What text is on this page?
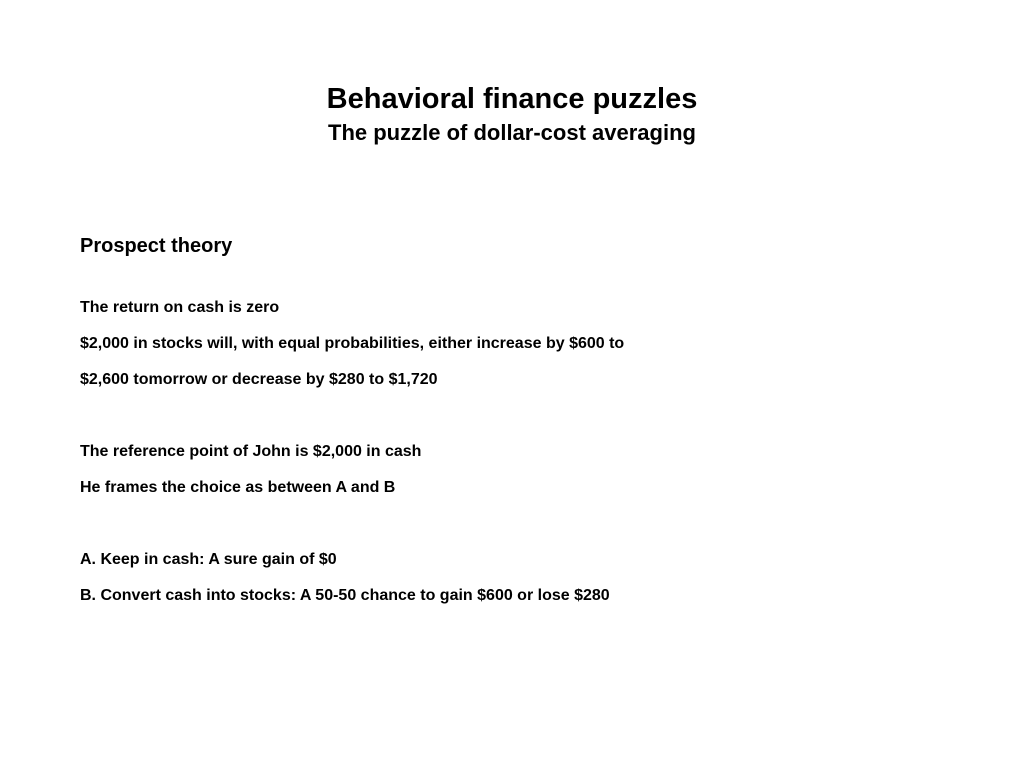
Behavioral finance puzzles
The puzzle of dollar-cost averaging
Prospect theory
The return on cash is zero
$2,000 in stocks will, with equal probabilities, either increase by $600 to
$2,600 tomorrow or decrease by $280 to $1,720
The reference point of John is $2,000 in cash
He frames the choice as between A and B
A. Keep in cash: A sure gain of $0
B. Convert cash into stocks: A 50-50 chance to gain $600 or lose $280
